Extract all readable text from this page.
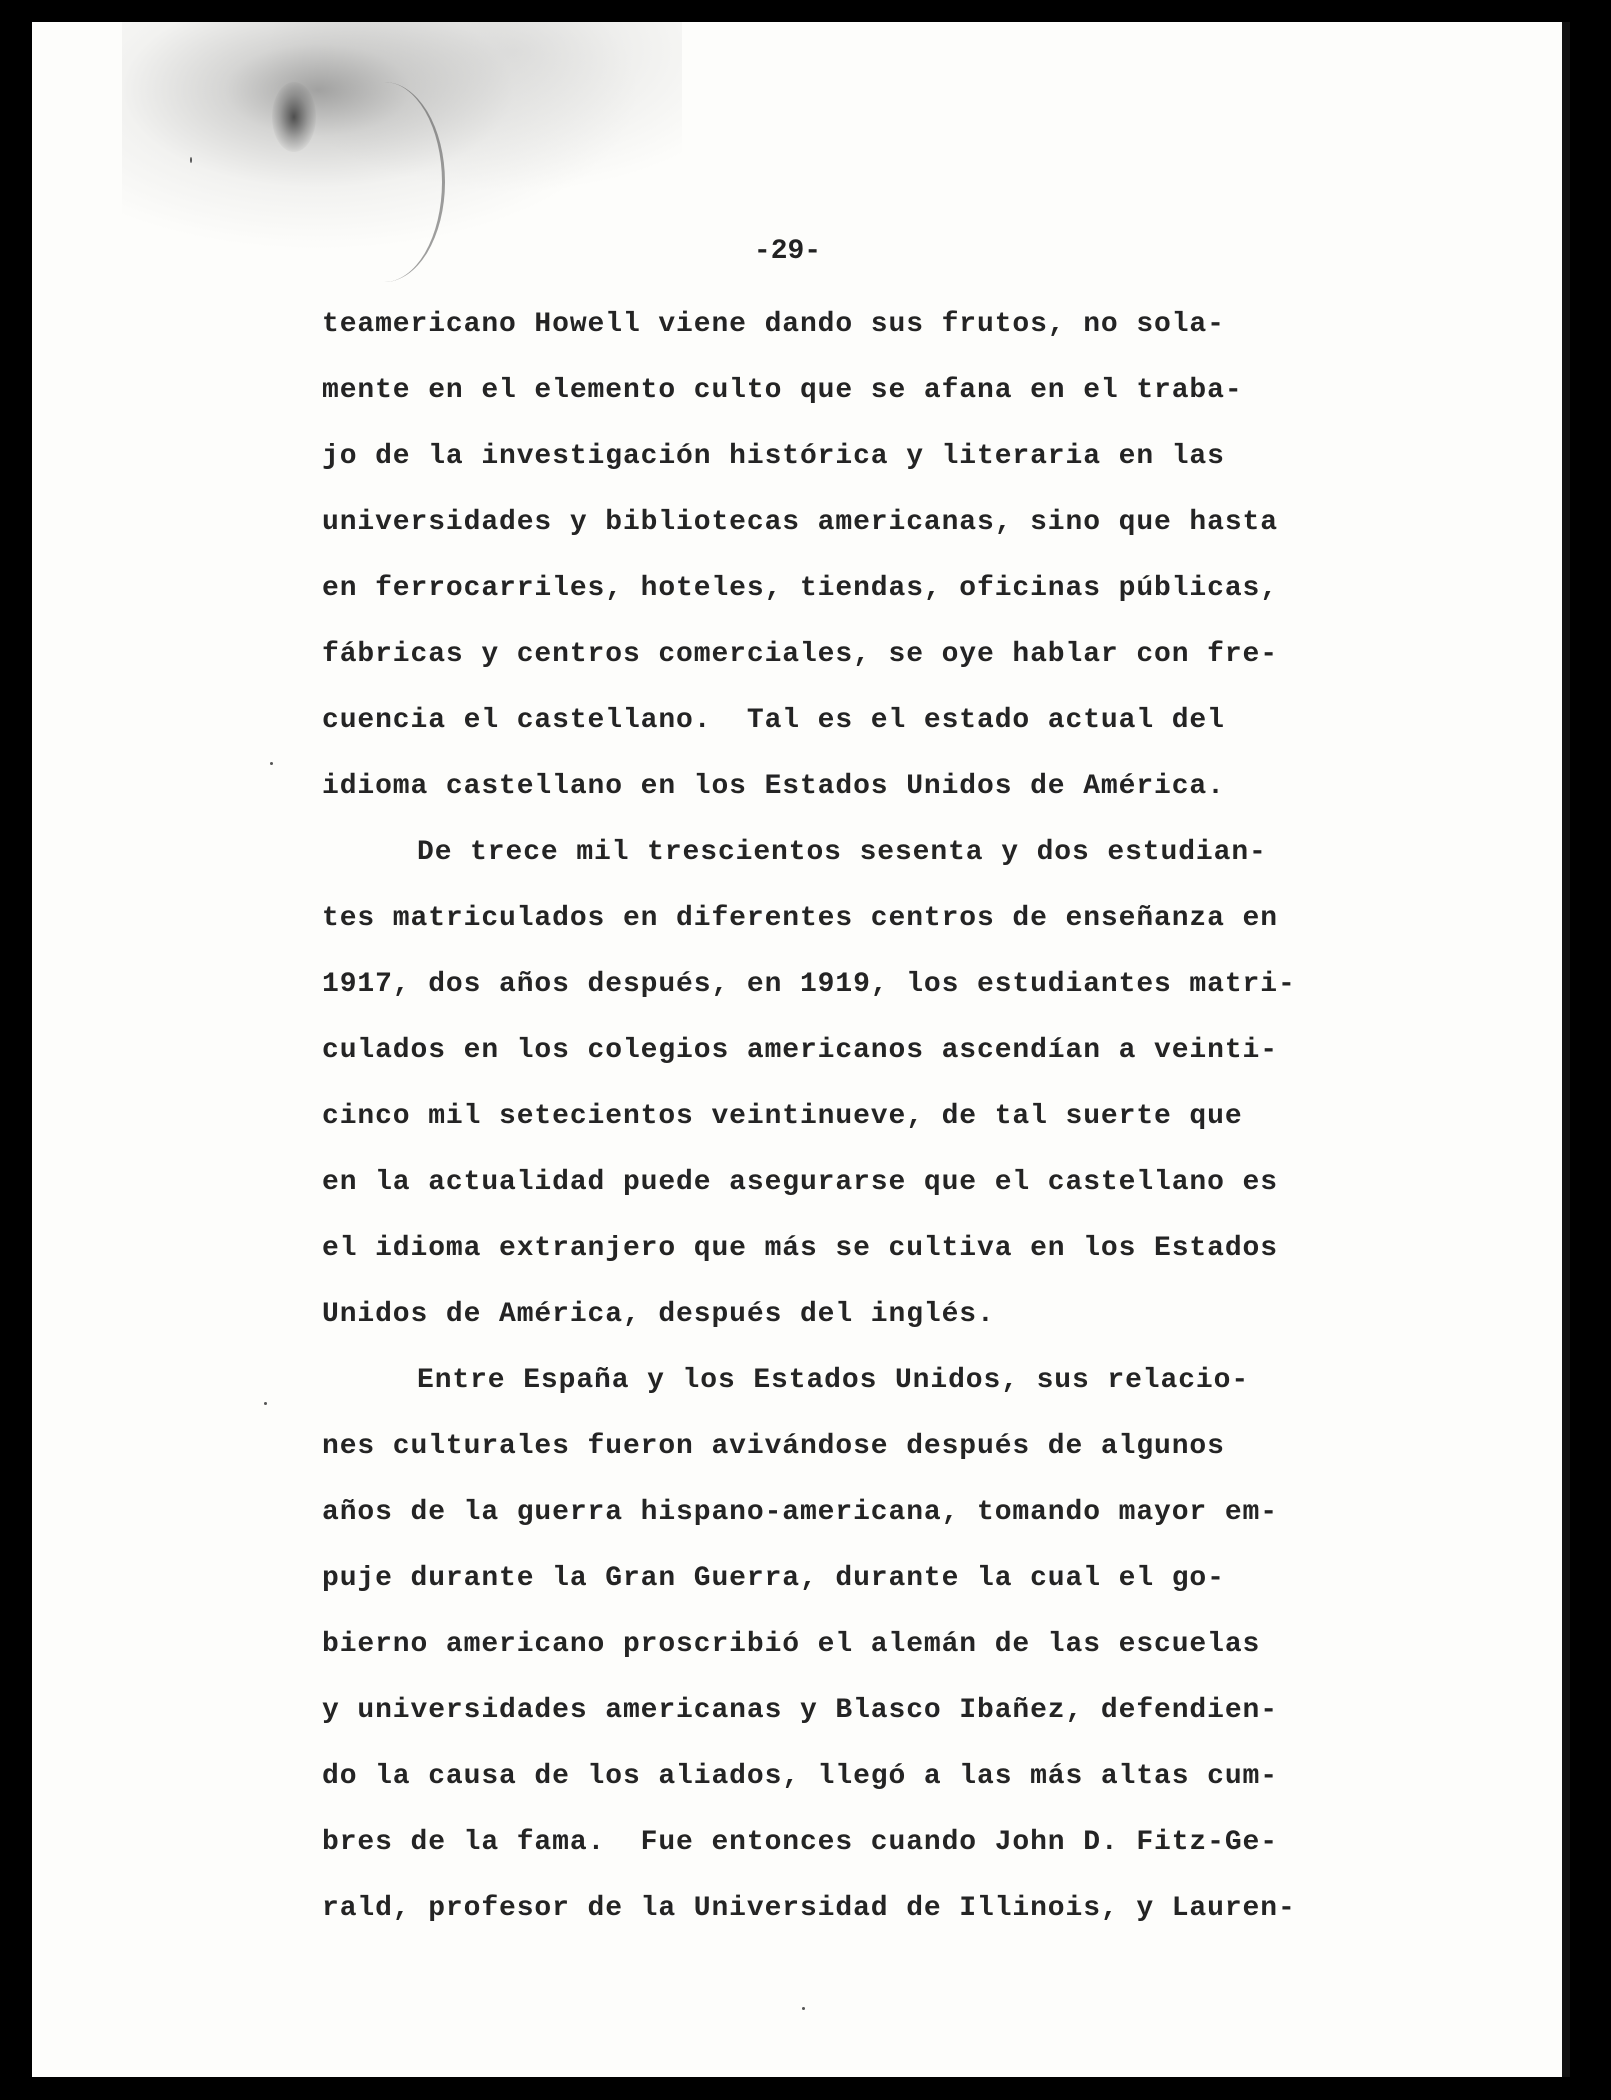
-29-
teamericano Howell viene dando sus frutos, no sola-
mente en el elemento culto que se afana en el traba-
jo de la investigación histórica y literaria en las
universidades y bibliotecas americanas, sino que hasta
en ferrocarriles, hoteles, tiendas, oficinas públicas,
fábricas y centros comerciales, se oye hablar con fre-
cuencia el castellano.  Tal es el estado actual del
idioma castellano en los Estados Unidos de América.
De trece mil trescientos sesenta y dos estudian-
tes matriculados en diferentes centros de enseñanza en
1917, dos años después, en 1919, los estudiantes matri-
culados en los colegios americanos ascendían a veinti-
cinco mil setecientos veintinueve, de tal suerte que
en la actualidad puede asegurarse que el castellano es
el idioma extranjero que más se cultiva en los Estados
Unidos de América, después del inglés.
Entre España y los Estados Unidos, sus relacio-
nes culturales fueron avivándose después de algunos
años de la guerra hispano-americana, tomando mayor em-
puje durante la Gran Guerra, durante la cual el go-
bierno americano proscribió el alemán de las escuelas
y universidades americanas y Blasco Ibañez, defendien-
do la causa de los aliados, llegó a las más altas cum-
bres de la fama.  Fue entonces cuando John D. Fitz-Ge-
rald, profesor de la Universidad de Illinois, y Lauren-
